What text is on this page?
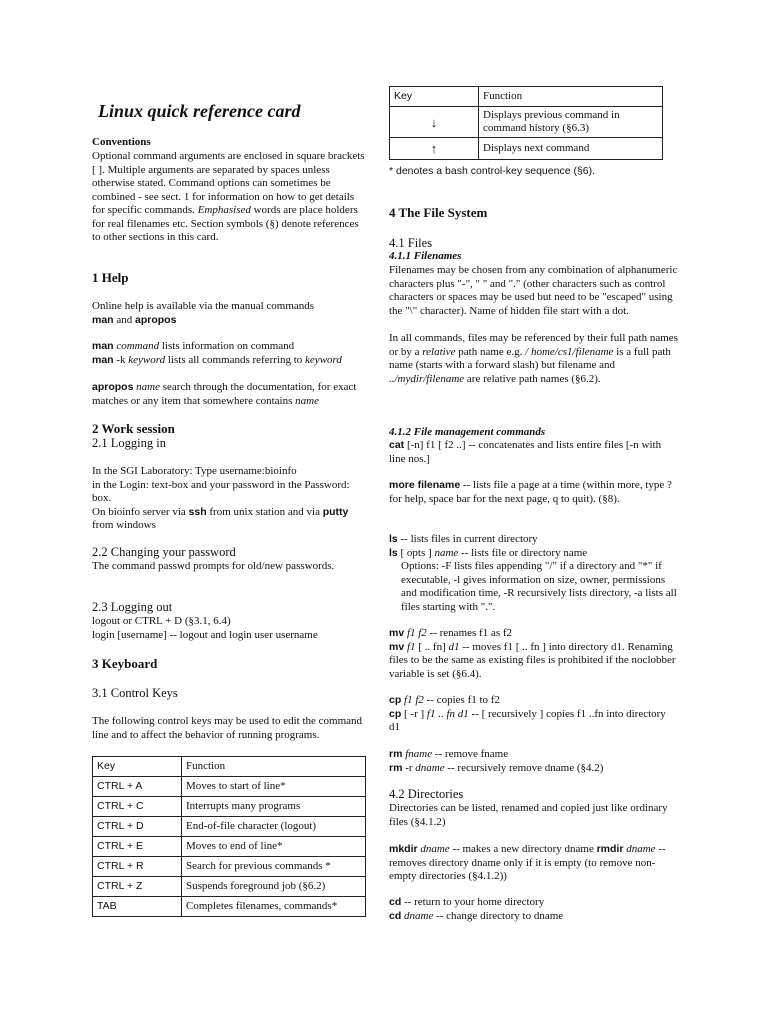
Linux quick reference card
Conventions

Optional command arguments are enclosed in square brackets [ ]. Multiple arguments are separated by spaces unless otherwise stated. Command options can sometimes be combined - see sect. 1 for information on how to get details for specific commands. Emphasised words are place holders for real filenames etc. Section symbols (§) denote references to other sections in this card.

1 Help

Online help is available via the manual commands
man and apropos

man command lists information on command

man -k keyword lists all commands referring to keyword

apropos name search through the documentation, for exact matches or any item that somewhere contains name

2 Work session
2.1 Logging in

In the SGI Laboratory: Type username:bioinfo
in the Login: text-box and your password in the Password: box.
On bioinfo server via ssh from unix station and via putty from windows

2.2 Changing your password

The command passwd prompts for old/new passwords.

2.3 Logging out

logout or CTRL + D (§3.1, 6.4)
login [username] -- logout and login user username

3 Keyboard
3.1 Control Keys

The following control keys may be used to edit the command line and to affect the behavior of running programs.

Key	Function
CTRL + A	Moves to start of line*
CTRL + C	Interrupts many programs
CTRL + D	End-of-file character (logout)
CTRL + E	Moves to end of line*
CTRL + R	Search for previous commands *
CTRL + Z	Suspends foreground job (§6.2)
TAB	Completes filenames, commands*
Key	Function
↓	Displays previous command in command history (§6.3)
↑	Displays next command

* denotes a bash control-key sequence (§6).

4 The File System
4.1 Files
4.1.1 Filenames

Filenames may be chosen from any combination of alphanumeric characters plus "-", " " and "." (other characters such as control characters or spaces may be used but need to be "escaped" using the "\" character). Name of hidden file start with a dot.

In all commands, files may be referenced by their full path names or by a relative path name e.g. / home/cs1/filename is a full path name (starts with a forward slash) but filename and ../mydir/filename are relative path names (§6.2).

4.1.2 File management commands

cat [-n] f1 [ f2 ..] -- concatenates and lists entire files [-n with line nos.]

more filename -- lists file a page at a time (within more, type ? for help, space bar for the next page, q to quit). (§8).

ls -- lists files in current directory
ls [ opts ] name -- lists file or directory name

Options: -F lists files appending "/" if a directory and "*" if executable, -l gives information on size, owner, permissions and modification time, -R recursively lists directory, -a lists all files starting with ".".

mv f1 f2 -- renames f1 as f2
mv f1 [ .. fn] d1 -- moves f1 [ .. fn ] into directory d1. Renaming files to be the same as existing files is prohibited if the noclobber variable is set (§6.4).

cp f1 f2 -- copies f1 to f2
cp [ -r ] f1 .. fn d1 -- [ recursively ] copies f1 ..fn into directory d1

rm fname -- remove fname
rm -r dname -- recursively remove dname (§4.2)

4.2 Directories

Directories can be listed, renamed and copied just like ordinary files (§4.1.2)

mkdir dname -- makes a new directory dname rmdir dname -- removes directory dname only if it is empty (to remove non-empty directories (§4.1.2))

cd -- return to your home directory
cd dname -- change directory to dname
